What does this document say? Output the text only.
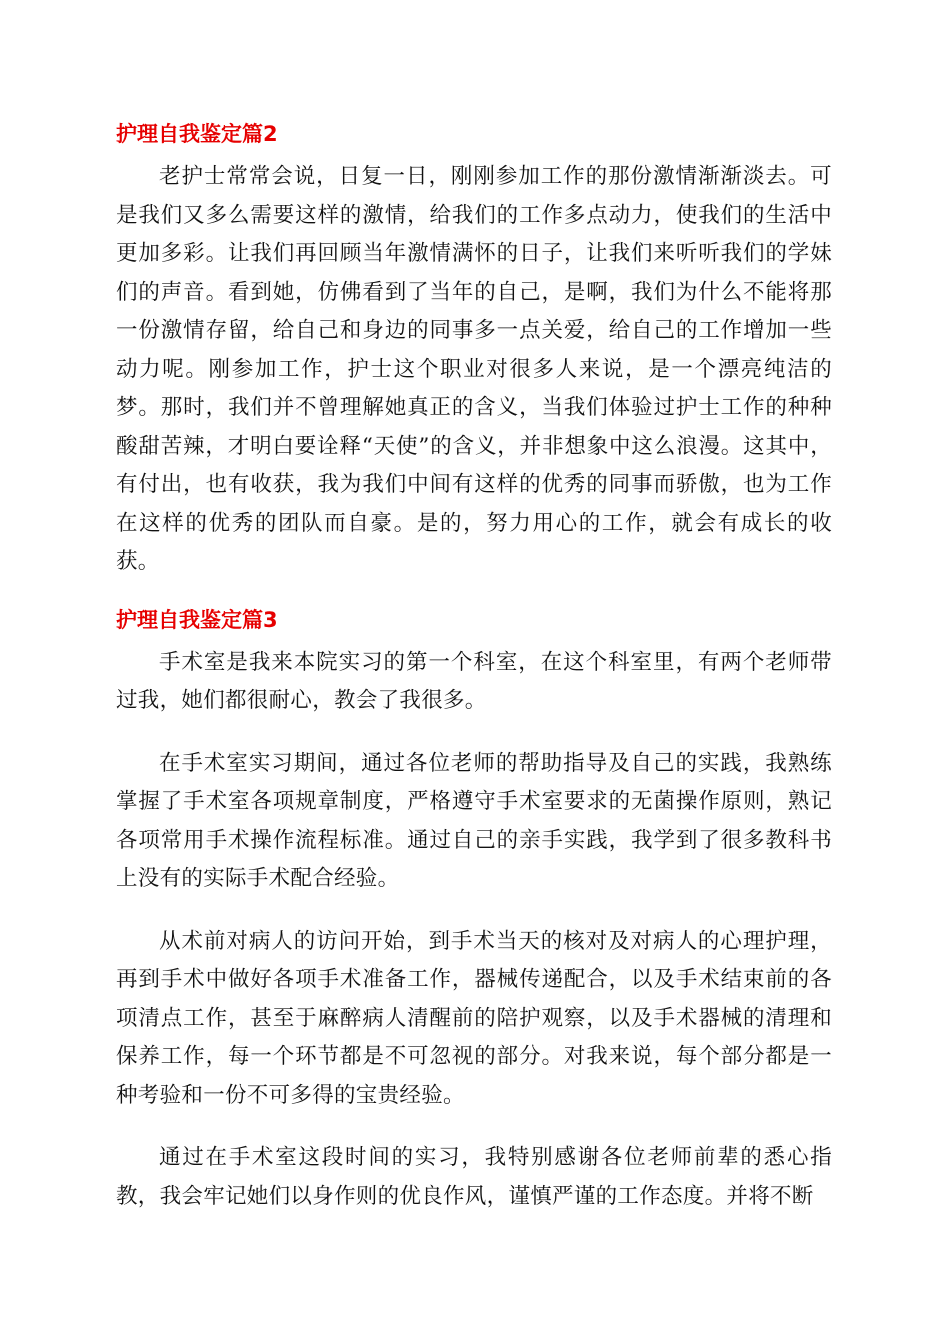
护理自我鉴定篇2

老护士常常会说，日复一日，刚刚参加工作的那份激情渐渐淡去。可是我们又多么需要这样的激情，给我们的工作多点动力，使我们的生活中更加多彩。让我们再回顾当年激情满怀的日子，让我们来听听我们的学妹们的声音。看到她，仿佛看到了当年的自己，是啊，我们为什么不能将那一份激情存留，给自己和身边的同事多一点关爱，给自己的工作增加一些动力呢。刚参加工作，护士这个职业对很多人来说，是一个漂亮纯洁的梦。那时，我们并不曾理解她真正的含义，当我们体验过护士工作的种种酸甜苦辣，才明白要诠释“天使”的含义，并非想象中这么浪漫。这其中，有付出，也有收获，我为我们中间有这样的优秀的同事而骄傲，也为工作在这样的优秀的团队而自豪。是的，努力用心的工作，就会有成长的收获。

护理自我鉴定篇3

手术室是我来本院实习的第一个科室，在这个科室里，有两个老师带过我，她们都很耐心，教会了我很多。

在手术室实习期间，通过各位老师的帮助指导及自己的实践，我熟练掌握了手术室各项规章制度，严格遵守手术室要求的无菌操作原则，熟记各项常用手术操作流程标准。通过自己的亲手实践，我学到了很多教科书上没有的实际手术配合经验。

从术前对病人的访问开始，到手术当天的核对及对病人的心理护理，再到手术中做好各项手术准备工作，器械传递配合，以及手术结束前的各项清点工作，甚至于麻醉病人清醒前的陪护观察，以及手术器械的清理和保养工作，每一个环节都是不可忽视的部分。对我来说，每个部分都是一种考验和一份不可多得的宝贵经验。

通过在手术室这段时间的实习，我特别感谢各位老师前辈的悉心指教，我会牢记她们以身作则的优良作风，谨慎严谨的工作态度。并将不断
